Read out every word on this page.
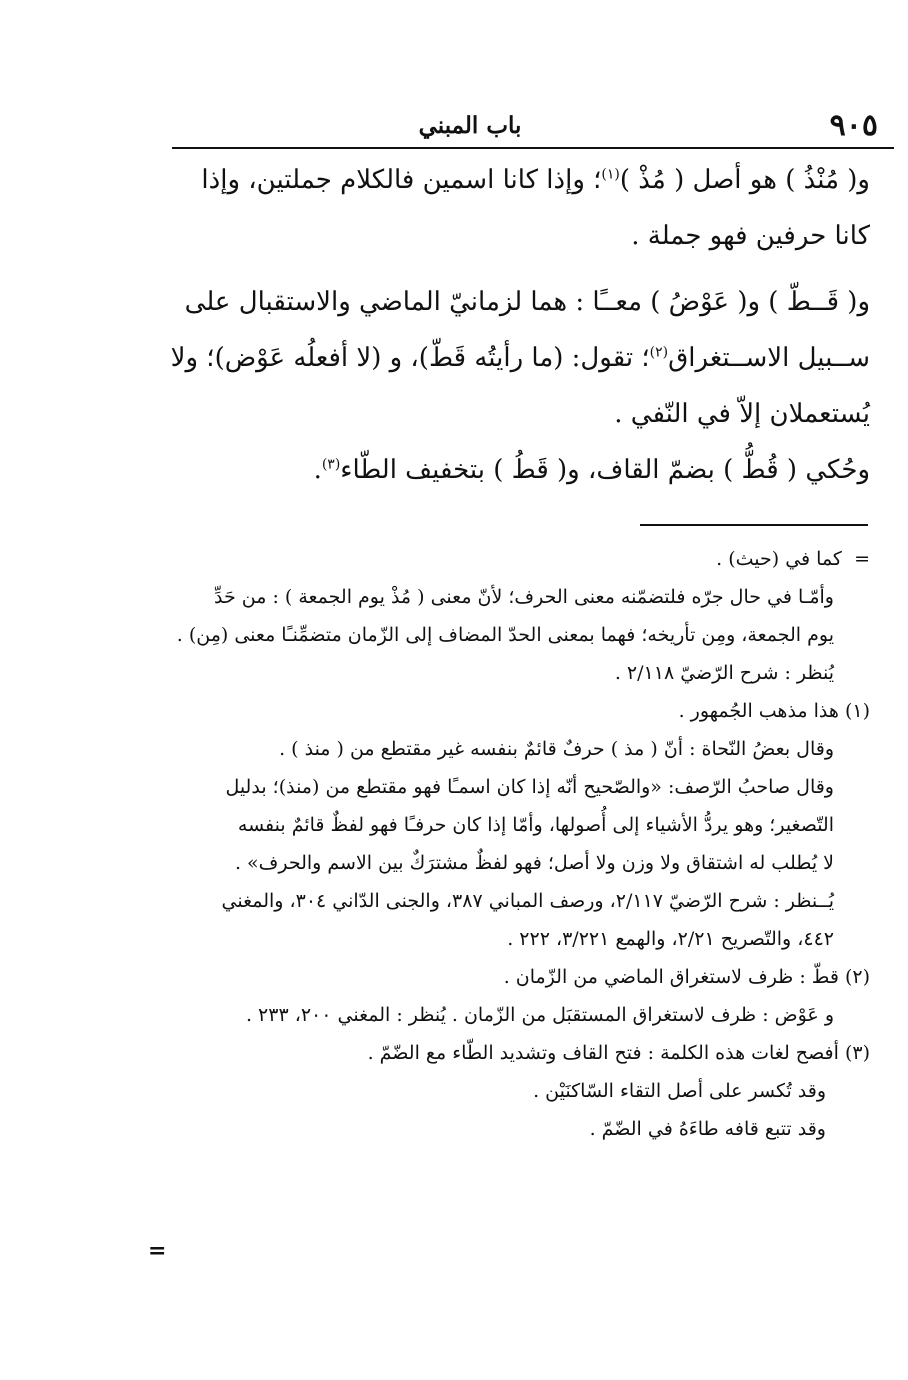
٩٠٥
باب المبني

و( مُنْذُ ) هو أصل ( مُذْ )$^{(١)}$؛ وإذا كانا اسمين فالكلام جملتين، وإذا
كانا حرفين فهو جملة .

و( قَــطّ ) و( عَوْضُ ) معــًا : هما لزمانيّ الماضي والاستقبال على
ســبيل الاســتغراق$^{(٢)}$؛ تقول: (ما رأيتُه قَطّ)، و (لا أفعلُه عَوْض)؛ ولا
يُستعملان إلاّ في النّفي .
وحُكي ( قُطُّ ) بضمّ القاف، و( قَطُ ) بتخفيف الطّاء$^{(٣)}$.

=  كما في (حيث) .

وأمّـا في حال جرّه فلتضمّنه معنى الحرف؛ لأنّ معنى ( مُذْ يوم الجمعة ) : من حَدِّ

يوم الجمعة، ومِن تأريخه؛ فهما بمعنى الحدّ المضاف إلى الزّمان متضمِّنـًا معنى (مِن) .

يُنظر : شرح الرّضيّ ٢/١١٨ .

(١) هذا مذهب الجُمهور .

وقال بعضُ النّحاة : أنّ ( مذ ) حرفٌ قائمٌ بنفسه غير مقتطع من ( منذ ) .

وقال صاحبُ الرّصف: «والصّحيح أنّه إذا كان اسمـًا فهو مقتطع من (منذ)؛ بدليل

التّصغير؛ وهو يردُّ الأشياء إلى أُصولها، وأمّا إذا كان حرفـًا فهو لفظٌ قائمٌ بنفسه

لا يُطلب له اشتقاق ولا وزن ولا أصل؛ فهو لفظٌ مشترَكٌ بين الاسم والحرف» .

يُــنظر : شرح الرّضيّ ٢/١١٧، ورصف المباني ٣٨٧، والجنى الدّاني ٣٠٤، والمغني

٤٤٢، والتّصريح ٢/٢١، والهمع ٣/٢٢١، ٢٢٢ .

(٢) قطّ : ظرف لاستغراق الماضي من الزّمان .

و عَوْض : ظرف لاستغراق المستقبَل من الزّمان . يُنظر : المغني ٢٠٠، ٢٣٣ .

(٣) أفصح لغات هذه الكلمة : فتح القاف وتشديد الطّاء مع الضّمّ .

وقد تُكسر على أصل التقاء السّاكنَيْن .

وقد تتبع قافه طاءَهُ في الضّمّ .

=
